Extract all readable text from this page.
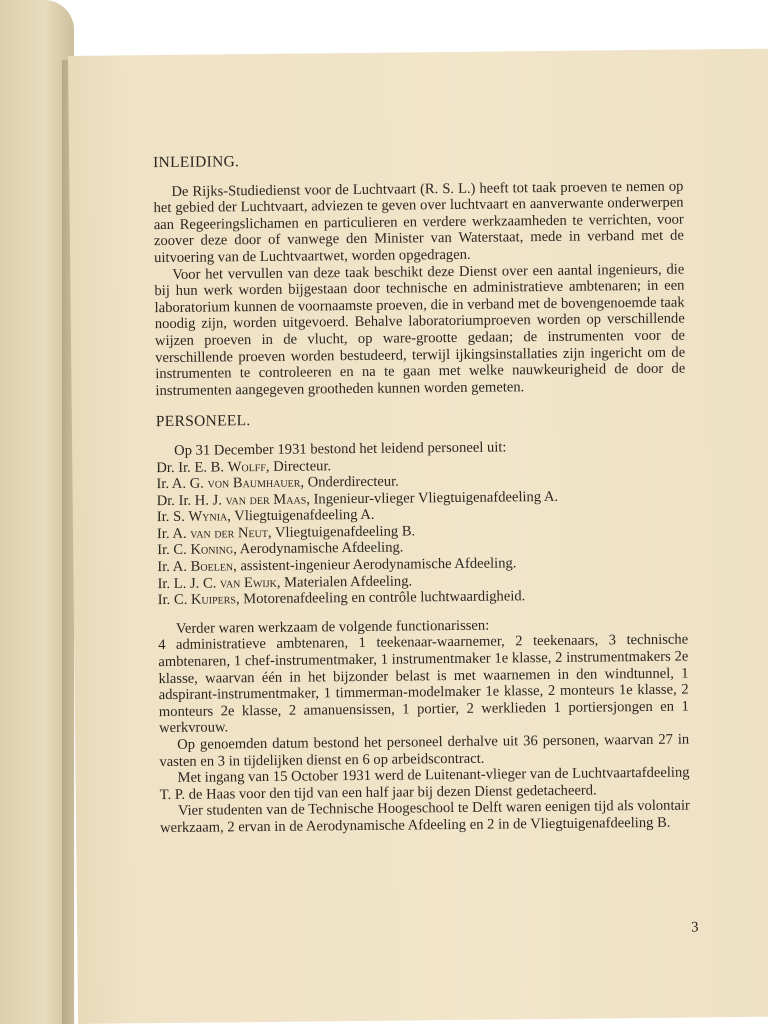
INLEIDING.

De Rijks-Studiedienst voor de Luchtvaart (R. S. L.) heeft tot taak proeven te nemen op het gebied der Luchtvaart, adviezen te geven over luchtvaart en aanverwante onderwerpen aan Regeeringslichamen en particulieren en verdere werkzaamheden te verrichten, voor zoover deze door of vanwege den Minister van Waterstaat, mede in verband met de uitvoering van de Luchtvaartwet, worden opgedragen.

Voor het vervullen van deze taak beschikt deze Dienst over een aantal ingenieurs, die bij hun werk worden bijgestaan door technische en administratieve ambtenaren; in een laboratorium kunnen de voornaamste proeven, die in verband met de bovengenoemde taak noodig zijn, worden uitgevoerd. Behalve laboratoriumproeven worden op verschillende wijzen proeven in de vlucht, op ware-grootte gedaan; de instrumenten voor de verschillende proeven worden bestudeerd, terwijl ijkingsinstallaties zijn ingericht om de instrumenten te controleeren en na te gaan met welke nauwkeurigheid de door de instrumenten aangegeven grootheden kunnen worden gemeten.

PERSONEEL.

Op 31 December 1931 bestond het leidend personeel uit:

Dr. Ir. E. B. Wolff, Directeur.
Ir. A. G. von Baumhauer, Onderdirecteur.
Dr. Ir. H. J. van der Maas, Ingenieur-vlieger Vliegtuigenafdeeling A.
Ir. S. Wynia, Vliegtuigenafdeeling A.
Ir. A. van der Neut, Vliegtuigenafdeeling B.
Ir. C. Koning, Aerodynamische Afdeeling.
Ir. A. Boelen, assistent-ingenieur Aerodynamische Afdeeling.
Ir. L. J. C. van Ewijk, Materialen Afdeeling.
Ir. C. Kuipers, Motorenafdeeling en contrôle luchtwaardigheid.

Verder waren werkzaam de volgende functionarissen:

4 administratieve ambtenaren, 1 teekenaar-waarnemer, 2 teekenaars, 3 technische ambtenaren, 1 chef-instrumentmaker, 1 instrumentmaker 1e klasse, 2 instrumentmakers 2e klasse, waarvan één in het bijzonder belast is met waarnemen in den windtunnel, 1 adspirant-instrumentmaker, 1 timmerman-modelmaker 1e klasse, 2 monteurs 1e klasse, 2 monteurs 2e klasse, 2 amanuensissen, 1 portier, 2 werklieden 1 portiersjongen en 1 werkvrouw.

Op genoemden datum bestond het personeel derhalve uit 36 personen, waarvan 27 in vasten en 3 in tijdelijken dienst en 6 op arbeidscontract.

Met ingang van 15 October 1931 werd de Luitenant-vlieger van de Luchtvaartafdeeling T. P. de Haas voor den tijd van een half jaar bij dezen Dienst gedetacheerd.

Vier studenten van de Technische Hoogeschool te Delft waren eenigen tijd als volontair werkzaam, 2 ervan in de Aerodynamische Afdeeling en 2 in de Vliegtuigenafdeeling B.

3
